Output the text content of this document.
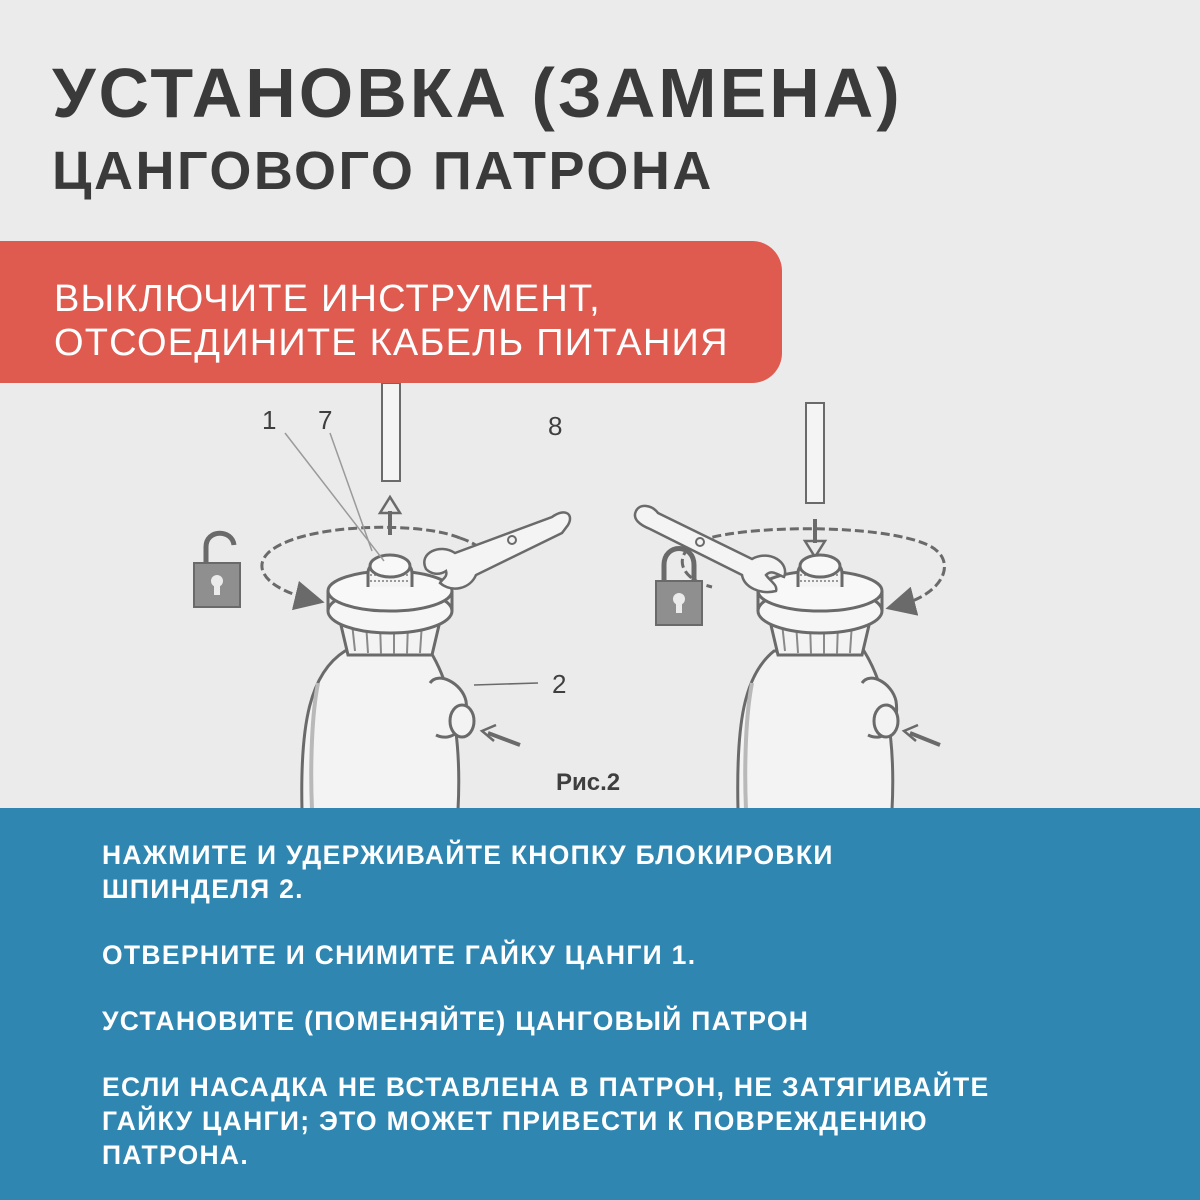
УСТАНОВКА (ЗАМЕНА)
ЦАНГОВОГО ПАТРОНА
ВЫКЛЮЧИТЕ ИНСТРУМЕНТ,
ОТСОЕДИНИТЕ КАБЕЛЬ ПИТАНИЯ
1 7	8
2
Рис.2

НАЖМИТЕ И УДЕРЖИВАЙТЕ КНОПКУ БЛОКИРОВКИ
ШПИНДЕЛЯ 2.

ОТВЕРНИТЕ И СНИМИТЕ ГАЙКУ ЦАНГИ 1.

УСТАНОВИТЕ (ПОМЕНЯЙТЕ) ЦАНГОВЫЙ ПАТРОН

ЕСЛИ НАСАДКА НЕ ВСТАВЛЕНА В ПАТРОН, НЕ ЗАТЯГИВАЙТЕ
ГАЙКУ ЦАНГИ; ЭТО МОЖЕТ ПРИВЕСТИ К ПОВРЕЖДЕНИЮ
ПАТРОНА.
